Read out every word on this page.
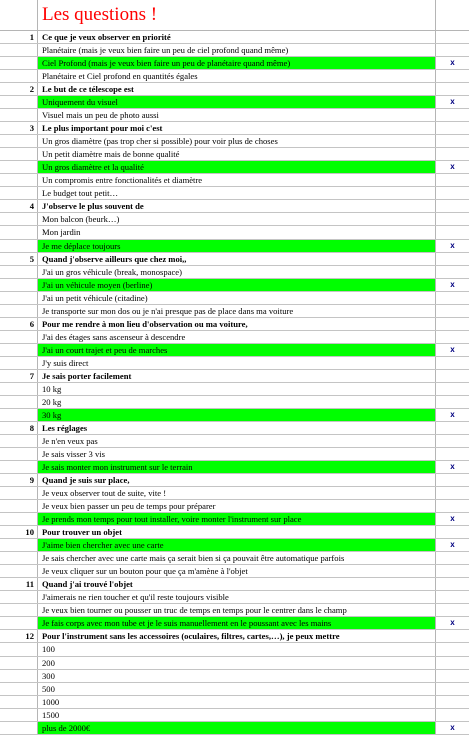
Les questions !
1 Ce que je veux observer en priorité
Planétaire (mais je veux bien faire un peu de ciel profond quand même)
Ciel Profond (mais je veux bien faire un peu de planétaire quand même)	x
Planétaire et Ciel profond en quantités égales
2 Le but de ce télescope est
Uniquement du visuel	x
Visuel mais un peu de photo aussi
3 Le plus important pour moi c'est
Un gros diamètre (pas trop cher si possible) pour voir plus de choses
Un petit diamètre mais de bonne qualité
Un gros diamètre et la qualité	x
Un compromis entre fonctionalités et diamètre
Le budget tout petit…
4 J'observe le plus souvent de
Mon balcon (beurk…)
Mon jardin
Je me déplace toujours	x
5 Quand j'observe ailleurs que chez moi,,
J'ai un gros véhicule (break, monospace)
J'ai un véhicule moyen (berline)	x
J'ai un petit véhicule (citadine)
Je transporte sur mon dos ou je n'ai presque pas de place dans ma voiture
6 Pour me rendre à mon lieu d'observation ou ma voiture,
J'ai des étages sans ascenseur à descendre
J'ai un court trajet et peu de marches	x
J'y suis direct
7 Je sais porter facilement
10 kg
20 kg
30 kg	x
8 Les réglages
Je n'en veux pas
Je sais visser 3 vis
Je sais monter mon instrument sur le terrain	x
9 Quand je suis sur place,
Je veux observer tout de suite, vite !
Je veux bien passer un peu de temps pour préparer
Je prends mon temps pour tout installer, voire monter l'instrument sur place	x
10 Pour trouver un objet
J'aime bien chercher avec une carte	x
Je sais chercher avec une carte mais ça serait bien si ça pouvait être automatique parfois
Je veux cliquer sur un bouton pour que ça m'amène à l'objet
11 Quand j'ai trouvé l'objet
J'aimerais ne rien toucher et qu'il reste toujours visible
Je veux bien tourner ou pousser un truc de temps en temps pour le centrer dans le champ
Je fais corps avec mon tube et je le suis manuellement en le poussant avec les mains	x
12 Pour l'instrument sans les accessoires (oculaires, filtres, cartes,…), je peux mettre
100
200
300
500
1000
1500
plus de 2000€	x
